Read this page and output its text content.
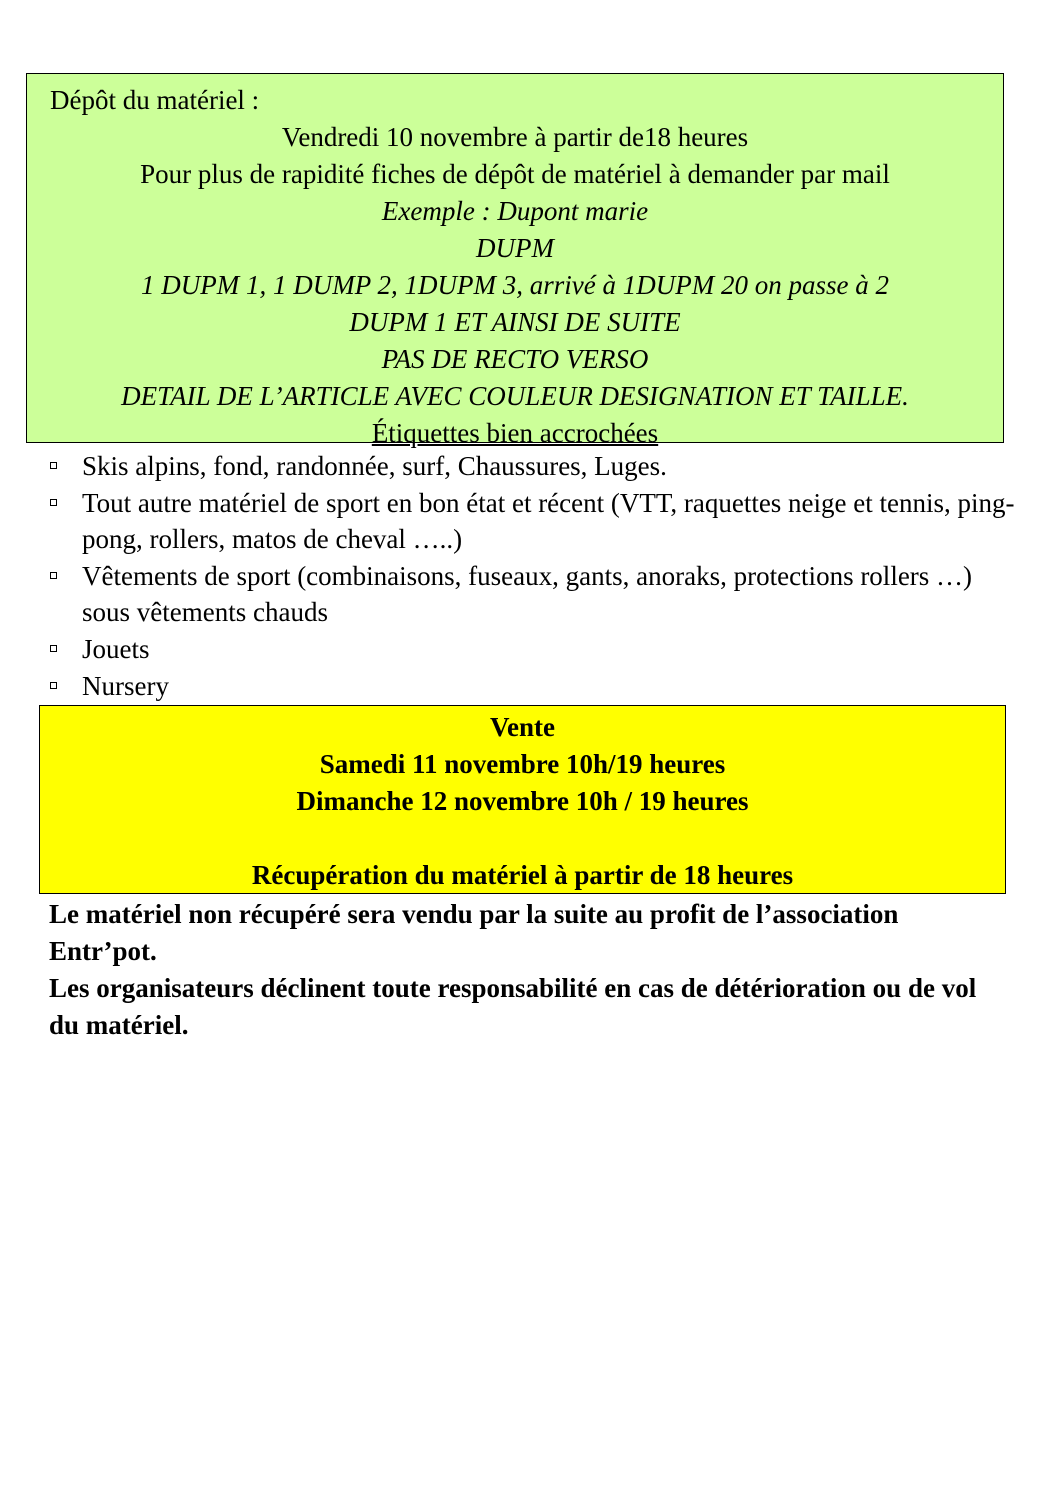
Dépôt du matériel :
Vendredi 10 novembre à partir de18 heures
Pour plus de rapidité fiches de dépôt de matériel à demander par mail
Exemple : Dupont marie
DUPM
1 DUPM 1, 1 DUMP 2, 1DUPM 3, arrivé à 1DUPM 20 on passe à 2
DUPM 1 ET AINSI DE SUITE
PAS DE RECTO VERSO
DETAIL DE L’ARTICLE AVEC COULEUR DESIGNATION ET TAILLE.
Étiquettes bien accrochées
Skis alpins, fond, randonnée, surf, Chaussures, Luges.
Tout autre matériel de sport en bon état et récent (VTT, raquettes neige et tennis, ping-pong, rollers, matos de cheval …..)
Vêtements de sport (combinaisons, fuseaux, gants, anoraks, protections rollers …) sous vêtements chauds
Jouets
Nursery
Vente
Samedi 11 novembre 10h/19 heures
Dimanche 12 novembre 10h / 19 heures
Récupération du matériel à partir de 18 heures

Le matériel non récupéré sera vendu par la suite au profit de l’association Entr’pot.

Les organisateurs déclinent toute responsabilité en cas de détérioration ou de vol du matériel.
